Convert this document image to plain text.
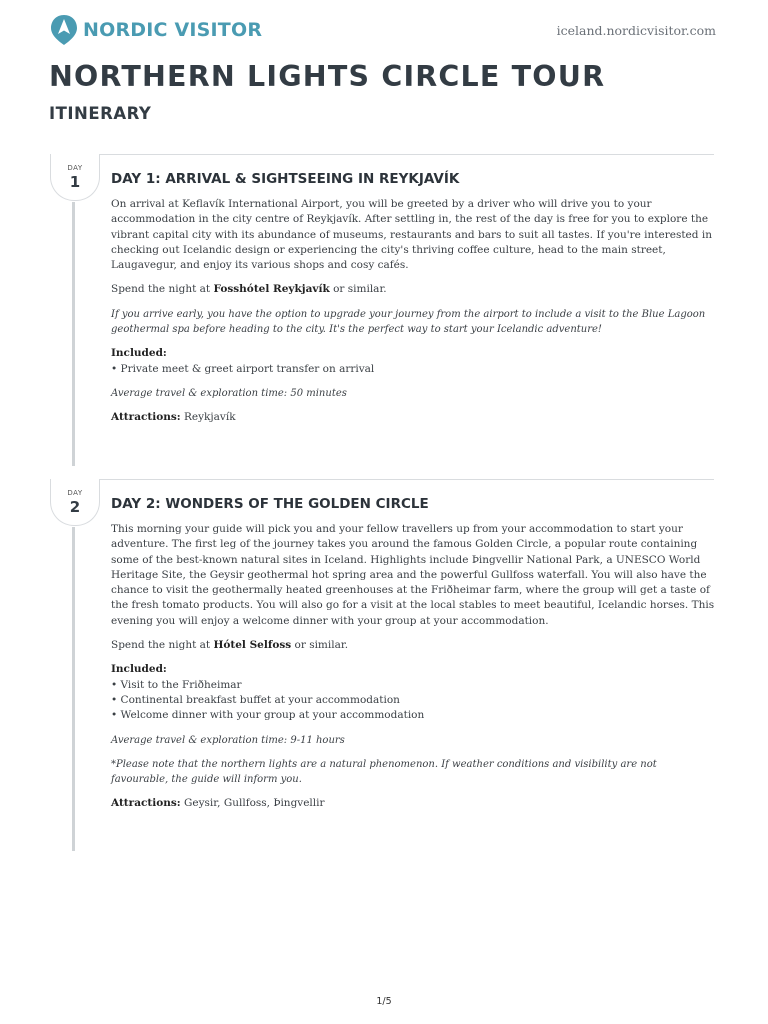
NORDIC VISITOR	iceland.nordicvisitor.com
NORTHERN LIGHTS CIRCLE TOUR
ITINERARY
DAY
1	DAY 1: ARRIVAL & SIGHTSEEING IN REYKJAVÍK

On arrival at Keflavík International Airport, you will be greeted by a driver who will drive you to your accommodation in the city centre of Reykjavík. After settling in, the rest of the day is free for you to explore the vibrant capital city with its abundance of museums, restaurants and bars to suit all tastes. If you're interested in checking out Icelandic design or experiencing the city's thriving coffee culture, head to the main street, Laugavegur, and enjoy its various shops and cosy cafés.

Spend the night at Fosshótel Reykjavík or similar.

If you arrive early, you have the option to upgrade your journey from the airport to include a visit to the Blue Lagoon geothermal spa before heading to the city. It's the perfect way to start your Icelandic adventure!

Included:

• Private meet & greet airport transfer on arrival

Average travel & exploration time: 50 minutes

Attractions: Reykjavík

DAY
2	DAY 2: WONDERS OF THE GOLDEN CIRCLE

This morning your guide will pick you and your fellow travellers up from your accommodation to start your adventure. The first leg of the journey takes you around the famous Golden Circle, a popular route containing some of the best-known natural sites in Iceland. Highlights include Þingvellir National Park, a UNESCO World Heritage Site, the Geysir geothermal hot spring area and the powerful Gullfoss waterfall. You will also have the chance to visit the geothermally heated greenhouses at the Friðheimar farm, where the group will get a taste of the fresh tomato products. You will also go for a visit at the local stables to meet beautiful, Icelandic horses. This evening you will enjoy a welcome dinner with your group at your accommodation.

Spend the night at Hótel Selfoss or similar.

Included:

• Visit to the Friðheimar
• Continental breakfast buffet at your accommodation
• Welcome dinner with your group at your accommodation

Average travel & exploration time: 9-11 hours

*Please note that the northern lights are a natural phenomenon. If weather conditions and visibility are not favourable, the guide will inform you.

Attractions: Geysir, Gullfoss, Þingvellir

1/5
